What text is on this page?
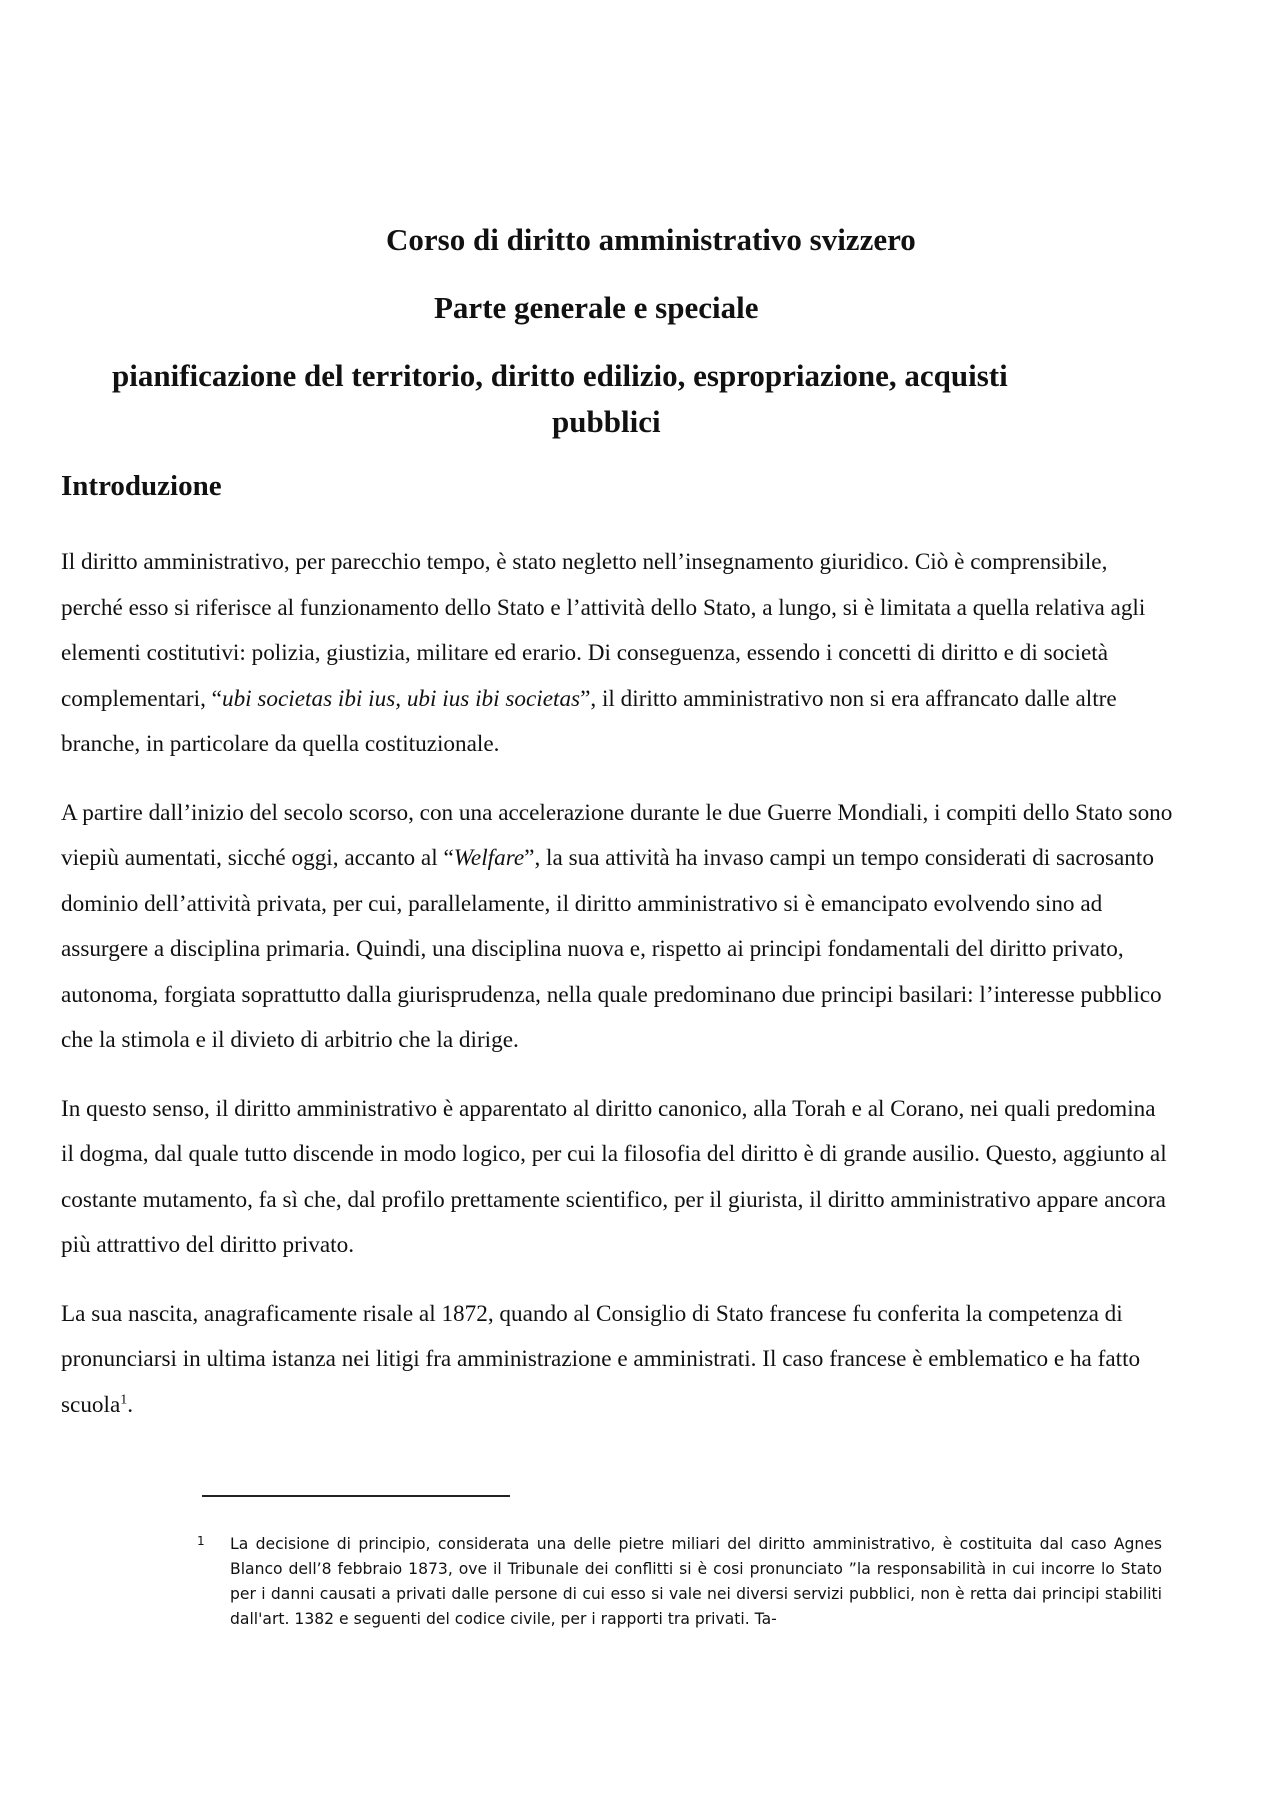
Corso di diritto amministrativo svizzero
Parte generale e speciale
pianificazione del territorio, diritto edilizio, espropriazione, acquisti
pubblici
Introduzione

Il diritto amministrativo, per parecchio tempo, è stato negletto nell’insegnamento giuridico. Ciò è comprensibile, perché esso si riferisce al funzionamento dello Stato e l’attività dello Stato, a lungo, si è limitata a quella relativa agli elementi costitutivi: polizia, giustizia, militare ed erario. Di conseguenza, essendo i concetti di diritto e di società complementari, “ubi societas ibi ius, ubi ius ibi societas”, il diritto amministrativo non si era affrancato dalle altre branche, in particolare da quella costituzionale.

A partire dall’inizio del secolo scorso, con una accelerazione durante le due Guerre Mondiali, i compiti dello Stato sono viepiù aumentati, sicché oggi, accanto al “Welfare”, la sua attività ha invaso campi un tempo considerati di sacrosanto dominio dell’attività privata, per cui, parallelamente, il diritto amministrativo si è emancipato evolvendo sino ad assurgere a disciplina primaria. Quindi, una disciplina nuova e, rispetto ai principi fondamentali del diritto privato, autonoma, forgiata soprattutto dalla giurisprudenza, nella quale predominano due principi basilari: l’interesse pubblico che la stimola e il divieto di arbitrio che la dirige.

In questo senso, il diritto amministrativo è apparentato al diritto canonico, alla Torah e al Corano, nei quali predomina il dogma, dal quale tutto discende in modo logico, per cui la filosofia del diritto è di grande ausilio. Questo, aggiunto al costante mutamento, fa sì che, dal profilo prettamente scientifico, per il giurista, il diritto amministrativo appare ancora più attrattivo del diritto privato.

La sua nascita, anagraficamente risale al 1872, quando al Consiglio di Stato francese fu conferita la competenza di pronunciarsi in ultima istanza nei litigi fra amministrazione e amministrati. Il caso francese è emblematico e ha fatto scuola$^1$.

1 La decisione di principio, considerata una delle pietre miliari del diritto amministrativo, è costituita dal caso Agnes Blanco dell’8 febbraio 1873, ove il Tribunale dei conflitti si è cosi pronunciato ”la responsabilità in cui incorre lo Stato per i danni causati a privati dalle persone di cui esso si vale nei diversi servizi pubblici, non è retta dai principi stabiliti dall'art. 1382 e seguenti del codice civile, per i rapporti tra privati. Ta-
